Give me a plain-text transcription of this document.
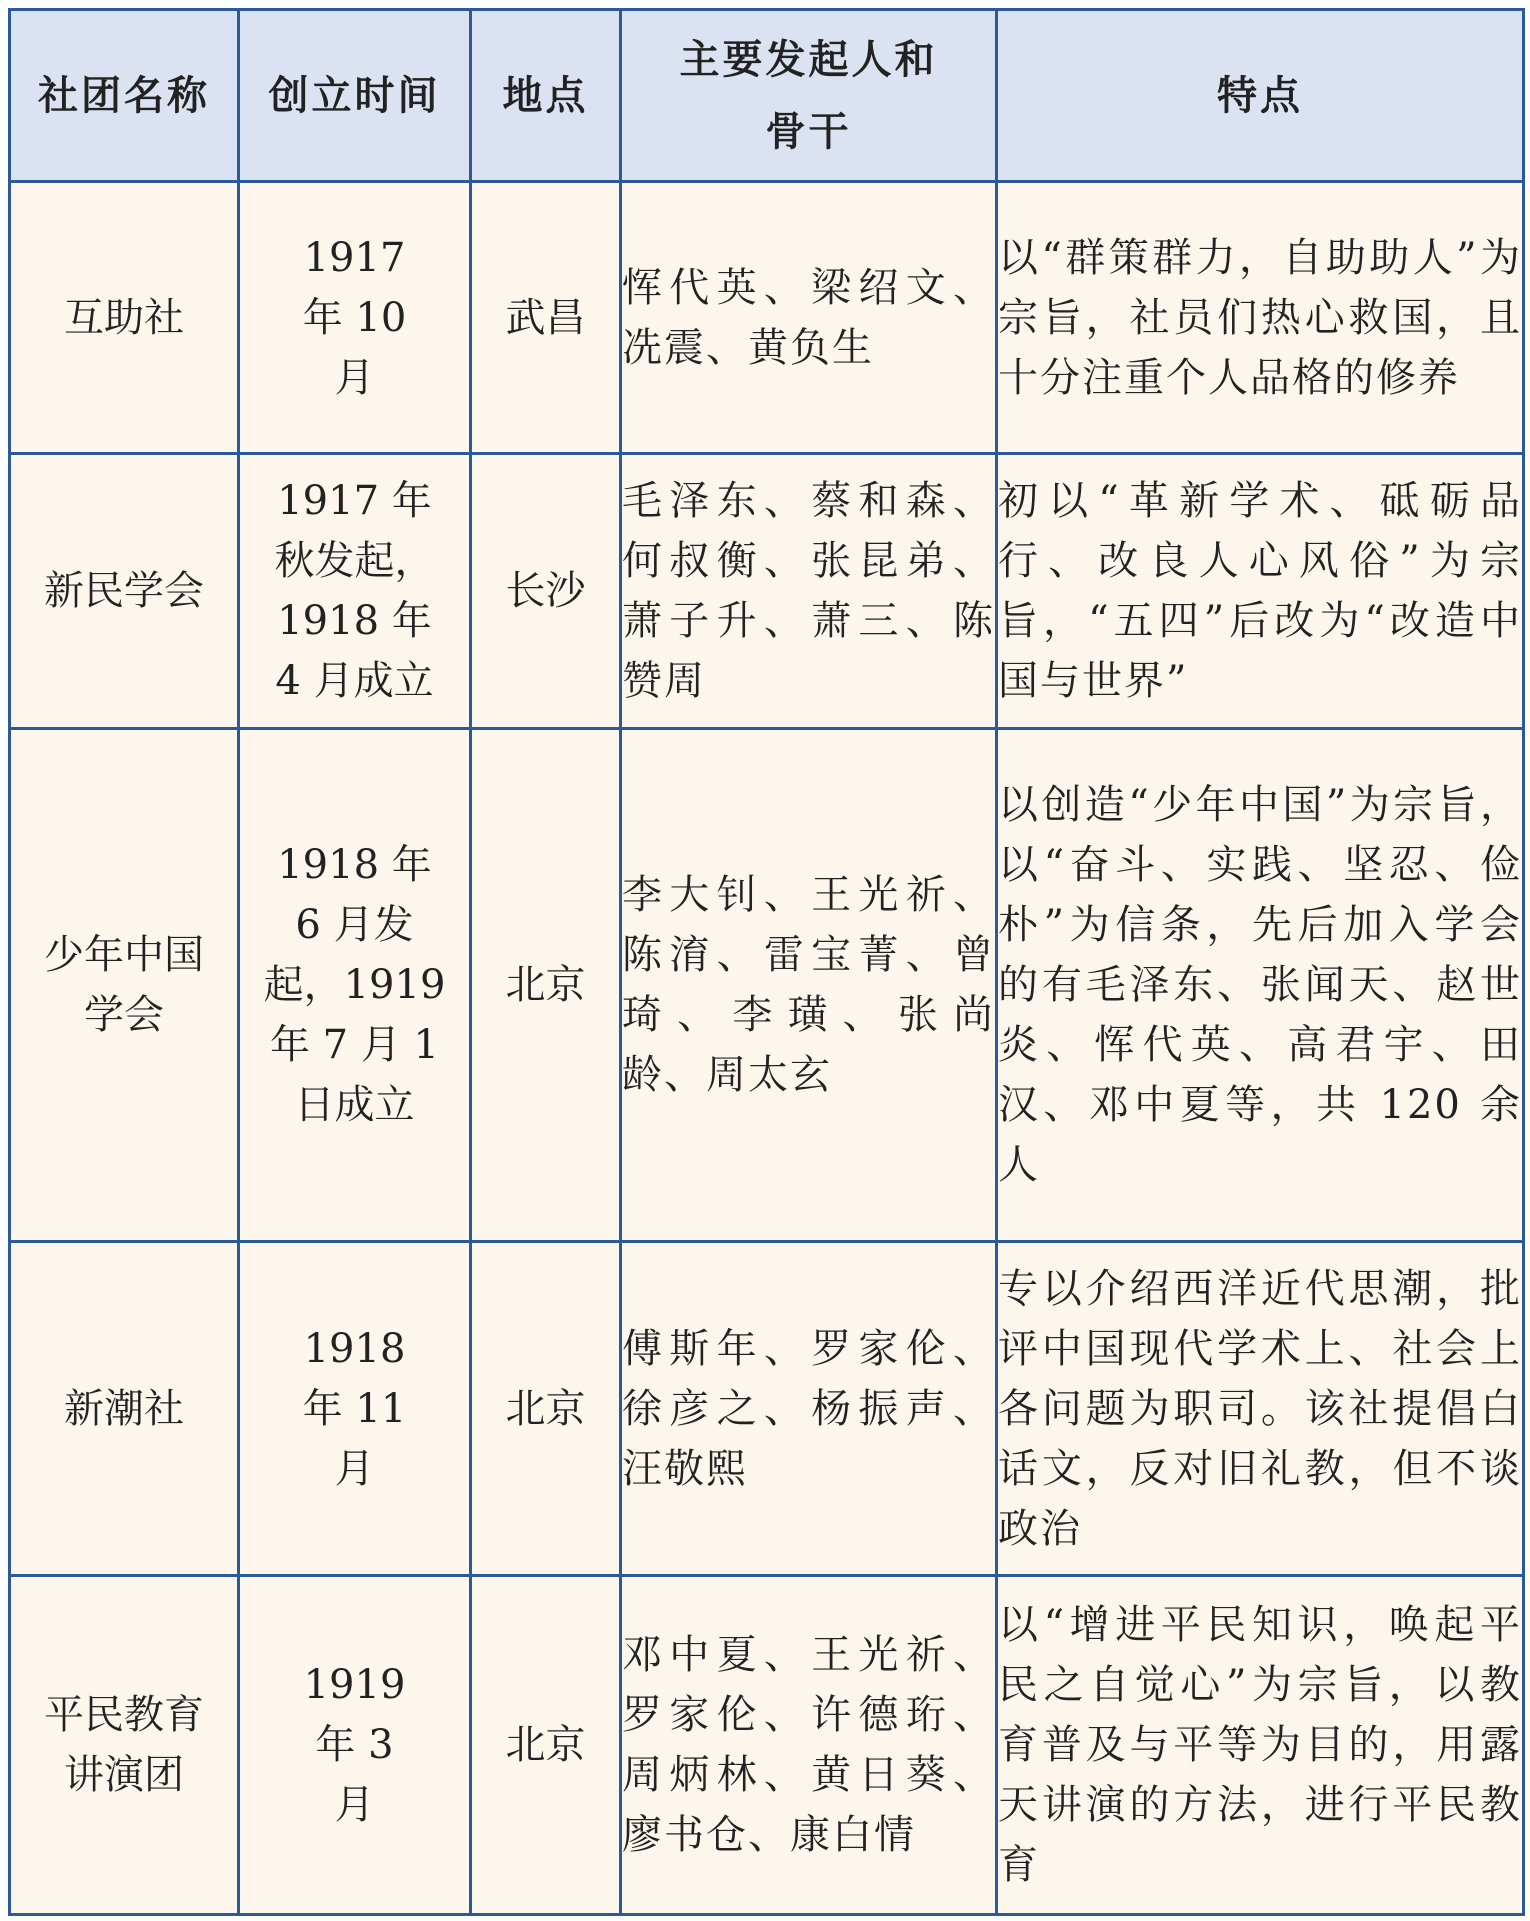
社团名称	创立时间	地点	主要发起人和骨干	特点
互助社	1917 年 10 月	武昌	恽代英、梁绍文、冼震、黄负生	以“群策群力，自助助人”为宗旨，社员们热心救国，且十分注重个人品格的修养
新民学会	1917 年秋发起，1918 年 4 月成立	长沙	毛泽东、蔡和森、何叔衡、张昆弟、萧子升、萧三、陈赞周	初以“革新学术、砥砺品行、改良人心风俗”为宗旨，“五四”后改为“改造中国与世界”
少年中国学会	1918 年 6 月发起，1919 年 7 月 1 日成立	北京	李大钊、王光祈、陈淯、雷宝菁、曾琦、李璜、张尚龄、周太玄	以创造“少年中国”为宗旨，以“奋斗、实践、坚忍、俭朴”为信条，先后加入学会的有毛泽东、张闻天、赵世炎、恽代英、高君宇、田汉、邓中夏等，共 120 余人
新潮社	1918 年 11 月	北京	傅斯年、罗家伦、徐彦之、杨振声、汪敬熙	专以介绍西洋近代思潮，批评中国现代学术上、社会上各问题为职司。该社提倡白话文，反对旧礼教，但不谈政治
平民教育讲演团	1919 年 3 月	北京	邓中夏、王光祈、罗家伦、许德珩、周炳林、黄日葵、廖书仓、康白情	以“增进平民知识，唤起平民之自觉心”为宗旨，以教育普及与平等为目的，用露天讲演的方法，进行平民教育
